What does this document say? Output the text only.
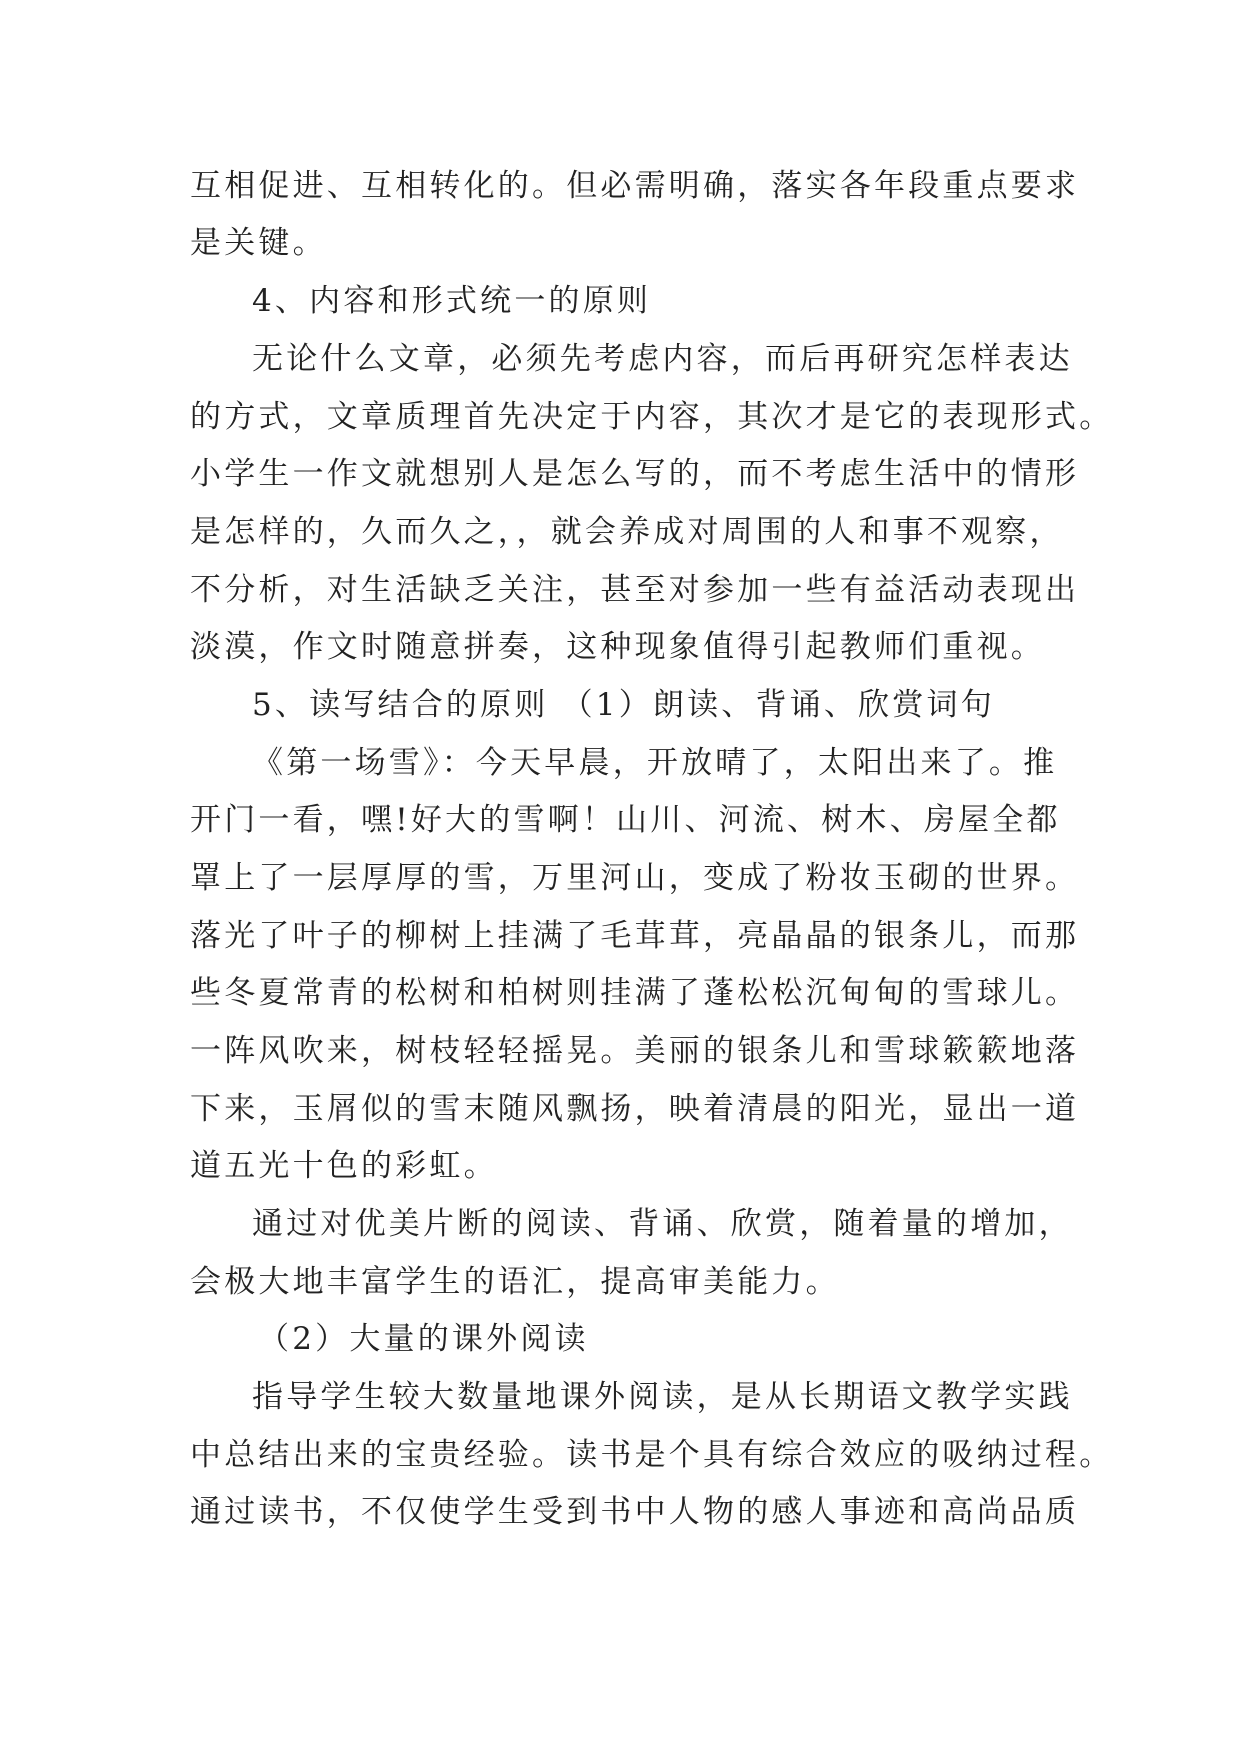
互相促进、互相转化的。但必需明确，落实各年段重点要求
是关键。
4、内容和形式统一的原则
无论什么文章，必须先考虑内容，而后再研究怎样表达
的方式，文章质理首先决定于内容，其次才是它的表现形式。
小学生一作文就想别人是怎么写的，而不考虑生活中的情形
是怎样的，久而久之，，就会养成对周围的人和事不观察，
不分析，对生活缺乏关注，甚至对参加一些有益活动表现出
淡漠，作文时随意拼奏，这种现象值得引起教师们重视。
5、读写结合的原则 （1）朗读、背诵、欣赏词句
《第一场雪》：今天早晨，开放晴了，太阳出来了。推
开门一看，嘿!好大的雪啊！山川、河流、树木、房屋全都
罩上了一层厚厚的雪，万里河山，变成了粉妆玉砌的世界。
落光了叶子的柳树上挂满了毛茸茸，亮晶晶的银条儿，而那
些冬夏常青的松树和柏树则挂满了蓬松松沉甸甸的雪球儿。
一阵风吹来，树枝轻轻摇晃。美丽的银条儿和雪球簌簌地落
下来，玉屑似的雪末随风飘扬，映着清晨的阳光，显出一道
道五光十色的彩虹。
通过对优美片断的阅读、背诵、欣赏，随着量的增加，
会极大地丰富学生的语汇，提高审美能力。
（2）大量的课外阅读
指导学生较大数量地课外阅读，是从长期语文教学实践
中总结出来的宝贵经验。读书是个具有综合效应的吸纳过程。
通过读书，不仅使学生受到书中人物的感人事迹和高尚品质
